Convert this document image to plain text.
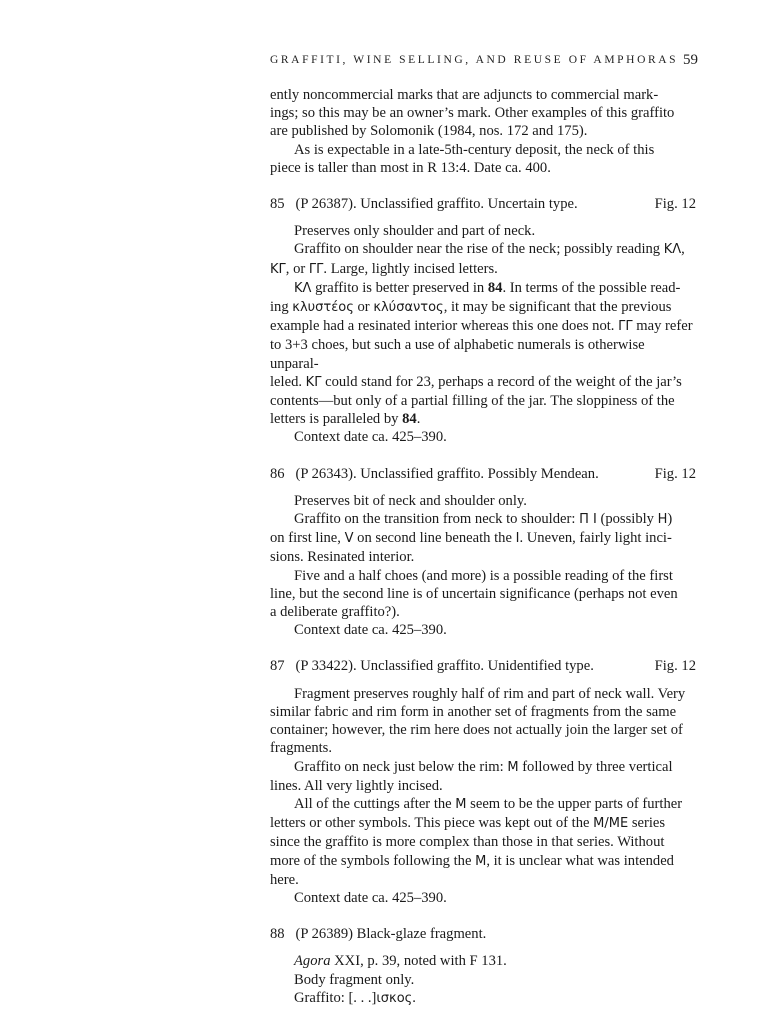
GRAFFITI, WINE SELLING, AND REUSE OF AMPHORAS 59

ently noncommercial marks that are adjuncts to commercial mark-

ings; so this may be an owner’s mark. Other examples of this graffito

are published by Solomonik (1984, nos. 172 and 175).

As is expectable in a late-5th-century deposit, the neck of this

piece is taller than most in R 13:4. Date ca. 400.

85 (P 26387). Unclassified graffito. Uncertain type.	Fig. 12

Preserves only shoulder and part of neck.

Graffito on shoulder near the rise of the neck; possibly reading ΚΛ,

ΚΓ, or ΓΓ. Large, lightly incised letters.

ΚΛ graffito is better preserved in 84. In terms of the possible read-

ing κλυστέος or κλύσαντος, it may be significant that the previous

example had a resinated interior whereas this one does not. ΓΓ may refer

to 3+3 choes, but such a use of alphabetic numerals is otherwise unparal-

leled. ΚΓ could stand for 23, perhaps a record of the weight of the jar’s

contents—but only of a partial filling of the jar. The sloppiness of the

letters is paralleled by 84.

Context date ca. 425–390.

86 (P 26343). Unclassified graffito. Possibly Mendean.	Fig. 12

Preserves bit of neck and shoulder only.

Graffito on the transition from neck to shoulder: Π Ι (possibly Η)

on first line, V on second line beneath the Ι. Uneven, fairly light inci-

sions. Resinated interior.

Five and a half choes (and more) is a possible reading of the first

line, but the second line is of uncertain significance (perhaps not even

a deliberate graffito?).

Context date ca. 425–390.

87 (P 33422). Unclassified graffito. Unidentified type.	Fig. 12

Fragment preserves roughly half of rim and part of neck wall. Very

similar fabric and rim form in another set of fragments from the same

container; however, the rim here does not actually join the larger set of

fragments.

Graffito on neck just below the rim: Μ followed by three vertical

lines. All very lightly incised.

All of the cuttings after the Μ seem to be the upper parts of further

letters or other symbols. This piece was kept out of the Μ/ΜΕ series

since the graffito is more complex than those in that series. Without

more of the symbols following the Μ, it is unclear what was intended

here.

Context date ca. 425–390.

88 (P 26389) Black-glaze fragment.

Agora XXI, p. 39, noted with F 131.

Body fragment only.

Graffito: [. . .]ισκος.
